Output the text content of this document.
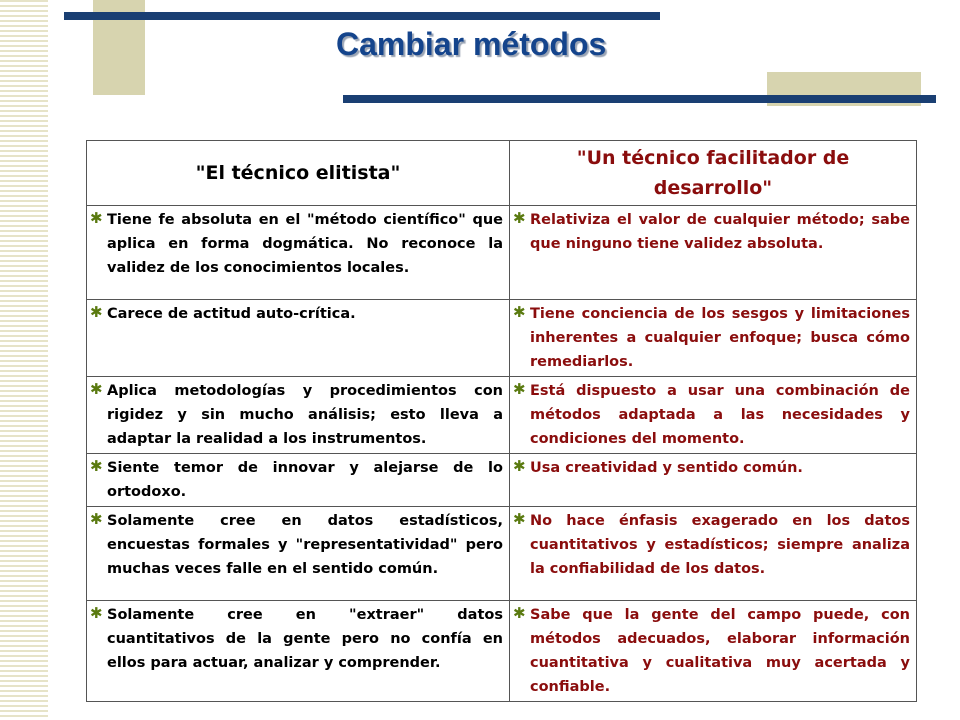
Cambiar métodos
"El técnico elitista"	"Un técnico facilitador de desarrollo"

✱ Tiene fe absoluta en el "método científico" que aplica en forma dogmática. No reconoce la validez de los conocimientos locales.	✱ Relativiza el valor de cualquier método; sabe que ninguno tiene validez absoluta.

✱ Carece de actitud auto-crítica.	✱ Tiene conciencia de los sesgos y limitaciones inherentes a cualquier enfoque; busca cómo remediarlos.

✱ Aplica metodologías y procedimientos con rigidez y sin mucho análisis; esto lleva a adaptar la realidad a los instrumentos.	✱ Está dispuesto a usar una combinación de métodos adaptada a las necesidades y condiciones del momento.

✱ Siente temor de innovar y alejarse de lo ortodoxo.	✱ Usa creatividad y sentido común.

✱ Solamente cree en datos estadísticos, encuestas formales y "representatividad" pero muchas veces falle en el sentido común.	✱ No hace énfasis exagerado en los datos cuantitativos y estadísticos; siempre analiza la confiabilidad de los datos.

✱ Solamente cree en "extraer" datos cuantitativos de la gente pero no confía en ellos para actuar, analizar y comprender.	✱ Sabe que la gente del campo puede, con métodos adecuados, elaborar información cuantitativa y cualitativa muy acertada y confiable.
